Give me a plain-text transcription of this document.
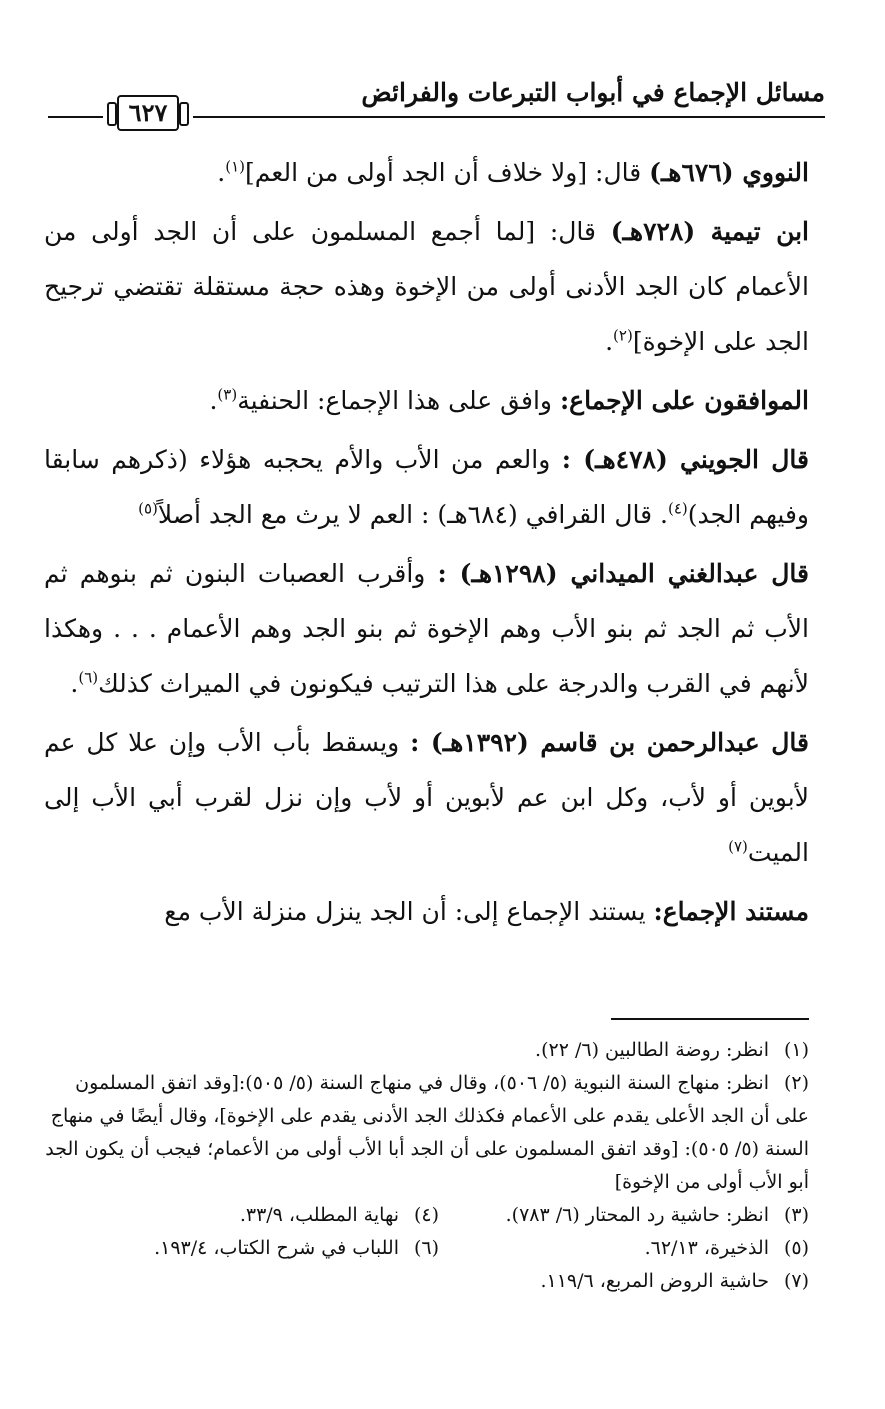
مسائل الإجماع في أبواب التبرعات والفرائض
٦٢٧

النووي (٦٧٦هـ) قال: [ولا خلاف أن الجد أولى من العم]$^{(١)}$.

ابن تيمية (٧٢٨هـ) قال: [لما أجمع المسلمون على أن الجد أولى من الأعمام كان الجد الأدنى أولى من الإخوة وهذه حجة مستقلة تقتضي ترجيح الجد على الإخوة]$^{(٢)}$.

الموافقون على الإجماع: وافق على هذا الإجماع: الحنفية$^{(٣)}$.

قال الجويني (٤٧٨هـ) : والعم من الأب والأم يحجبه هؤلاء (ذكرهم سابقا وفيهم الجد)$^{(٤)}$. قال القرافي (٦٨٤هـ) : العم لا يرث مع الجد أصلاً$^{(٥)}$

قال عبدالغني الميداني (١٢٩٨هـ) : وأقرب العصبات البنون ثم بنوهم ثم الأب ثم الجد ثم بنو الأب وهم الإخوة ثم بنو الجد وهم الأعمام . . . وهكذا لأنهم في القرب والدرجة على هذا الترتيب فيكونون في الميراث كذلك$^{(٦)}$.

قال عبدالرحمن بن قاسم (١٣٩٢هـ) : ويسقط بأب الأب وإن علا كل عم لأبوين أو لأب، وكل ابن عم لأبوين أو لأب وإن نزل لقرب أبي الأب إلى الميت$^{(٧)}$

مستند الإجماع: يستند الإجماع إلى: أن الجد ينزل منزلة الأب مع

(١)انظر: روضة الطالبين (٦/ ٢٢).

(٢)انظر: منهاج السنة النبوية (٥/ ٥٠٦)، وقال في منهاج السنة (٥/ ٥٠٥):[وقد اتفق المسلمون على أن الجد الأعلى يقدم على الأعمام فكذلك الجد الأدنى يقدم على الإخوة]، وقال أيضًا في منهاج السنة (٥/ ٥٠٥): [وقد اتفق المسلمون على أن الجد أبا الأب أولى من الأعمام؛ فيجب أن يكون الجد أبو الأب أولى من الإخوة]

(٣)انظر: حاشية رد المحتار (٦/ ٧٨٣).

(٤)نهاية المطلب، ٣٣/٩.

(٥)الذخيرة، ٦٢/١٣.

(٦)اللباب في شرح الكتاب، ١٩٣/٤.

(٧)حاشية الروض المربع، ١١٩/٦.
